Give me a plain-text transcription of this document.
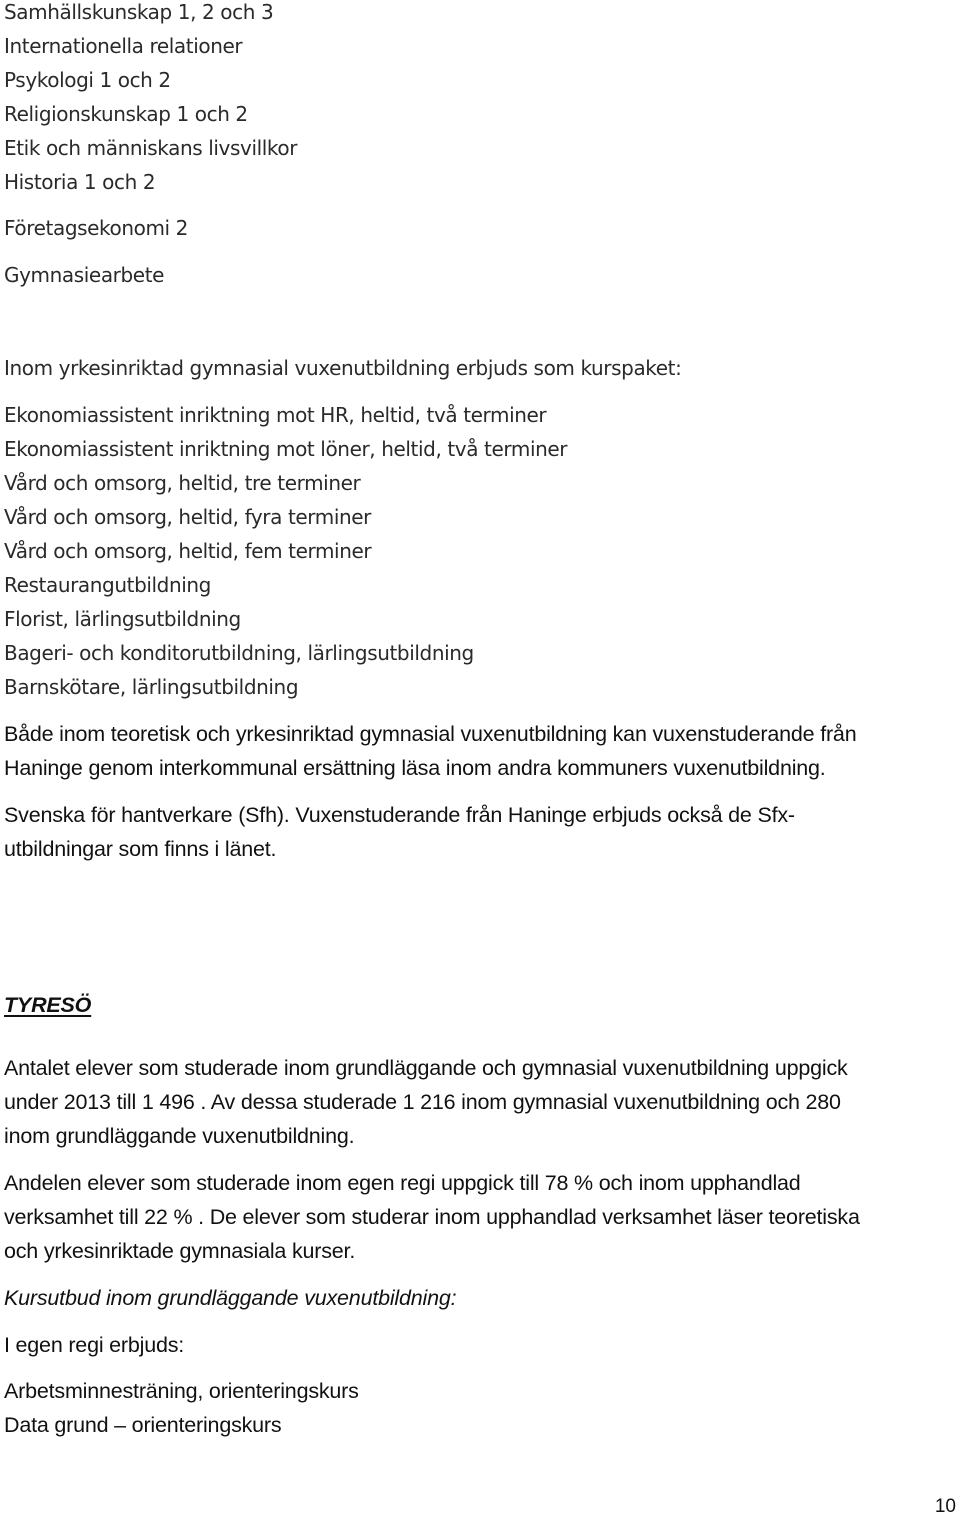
Samhällskunskap 1, 2 och 3
Internationella relationer
Psykologi 1 och 2
Religionskunskap 1 och 2
Etik och människans livsvillkor
Historia 1 och 2
Företagsekonomi 2
Gymnasiearbete
Inom yrkesinriktad gymnasial vuxenutbildning erbjuds som kurspaket:
Ekonomiassistent inriktning mot HR, heltid, två terminer
Ekonomiassistent inriktning mot löner, heltid, två terminer
Vård och omsorg, heltid, tre terminer
Vård och omsorg, heltid, fyra terminer
Vård och omsorg, heltid, fem terminer
Restaurangutbildning
Florist, lärlingsutbildning
Bageri- och konditorutbildning, lärlingsutbildning
Barnskötare, lärlingsutbildning
Både inom teoretisk och yrkesinriktad gymnasial vuxenutbildning kan vuxenstuderande från
Haninge genom interkommunal ersättning läsa inom andra kommuners vuxenutbildning.
Svenska för hantverkare (Sfh). Vuxenstuderande från Haninge erbjuds också de Sfx-
utbildningar som finns i länet.
TYRESÖ
Antalet elever som studerade inom grundläggande och gymnasial vuxenutbildning uppgick
under 2013 till 1 496 . Av dessa studerade 1 216 inom gymnasial vuxenutbildning och 280
inom grundläggande vuxenutbildning.
Andelen elever som studerade inom egen regi uppgick till 78 % och inom upphandlad
verksamhet till 22 % . De elever som studerar inom upphandlad verksamhet läser teoretiska
och yrkesinriktade gymnasiala kurser.
Kursutbud inom grundläggande vuxenutbildning:
I egen regi erbjuds:
Arbetsminnesträning, orienteringskurs
Data grund – orienteringskurs
10
